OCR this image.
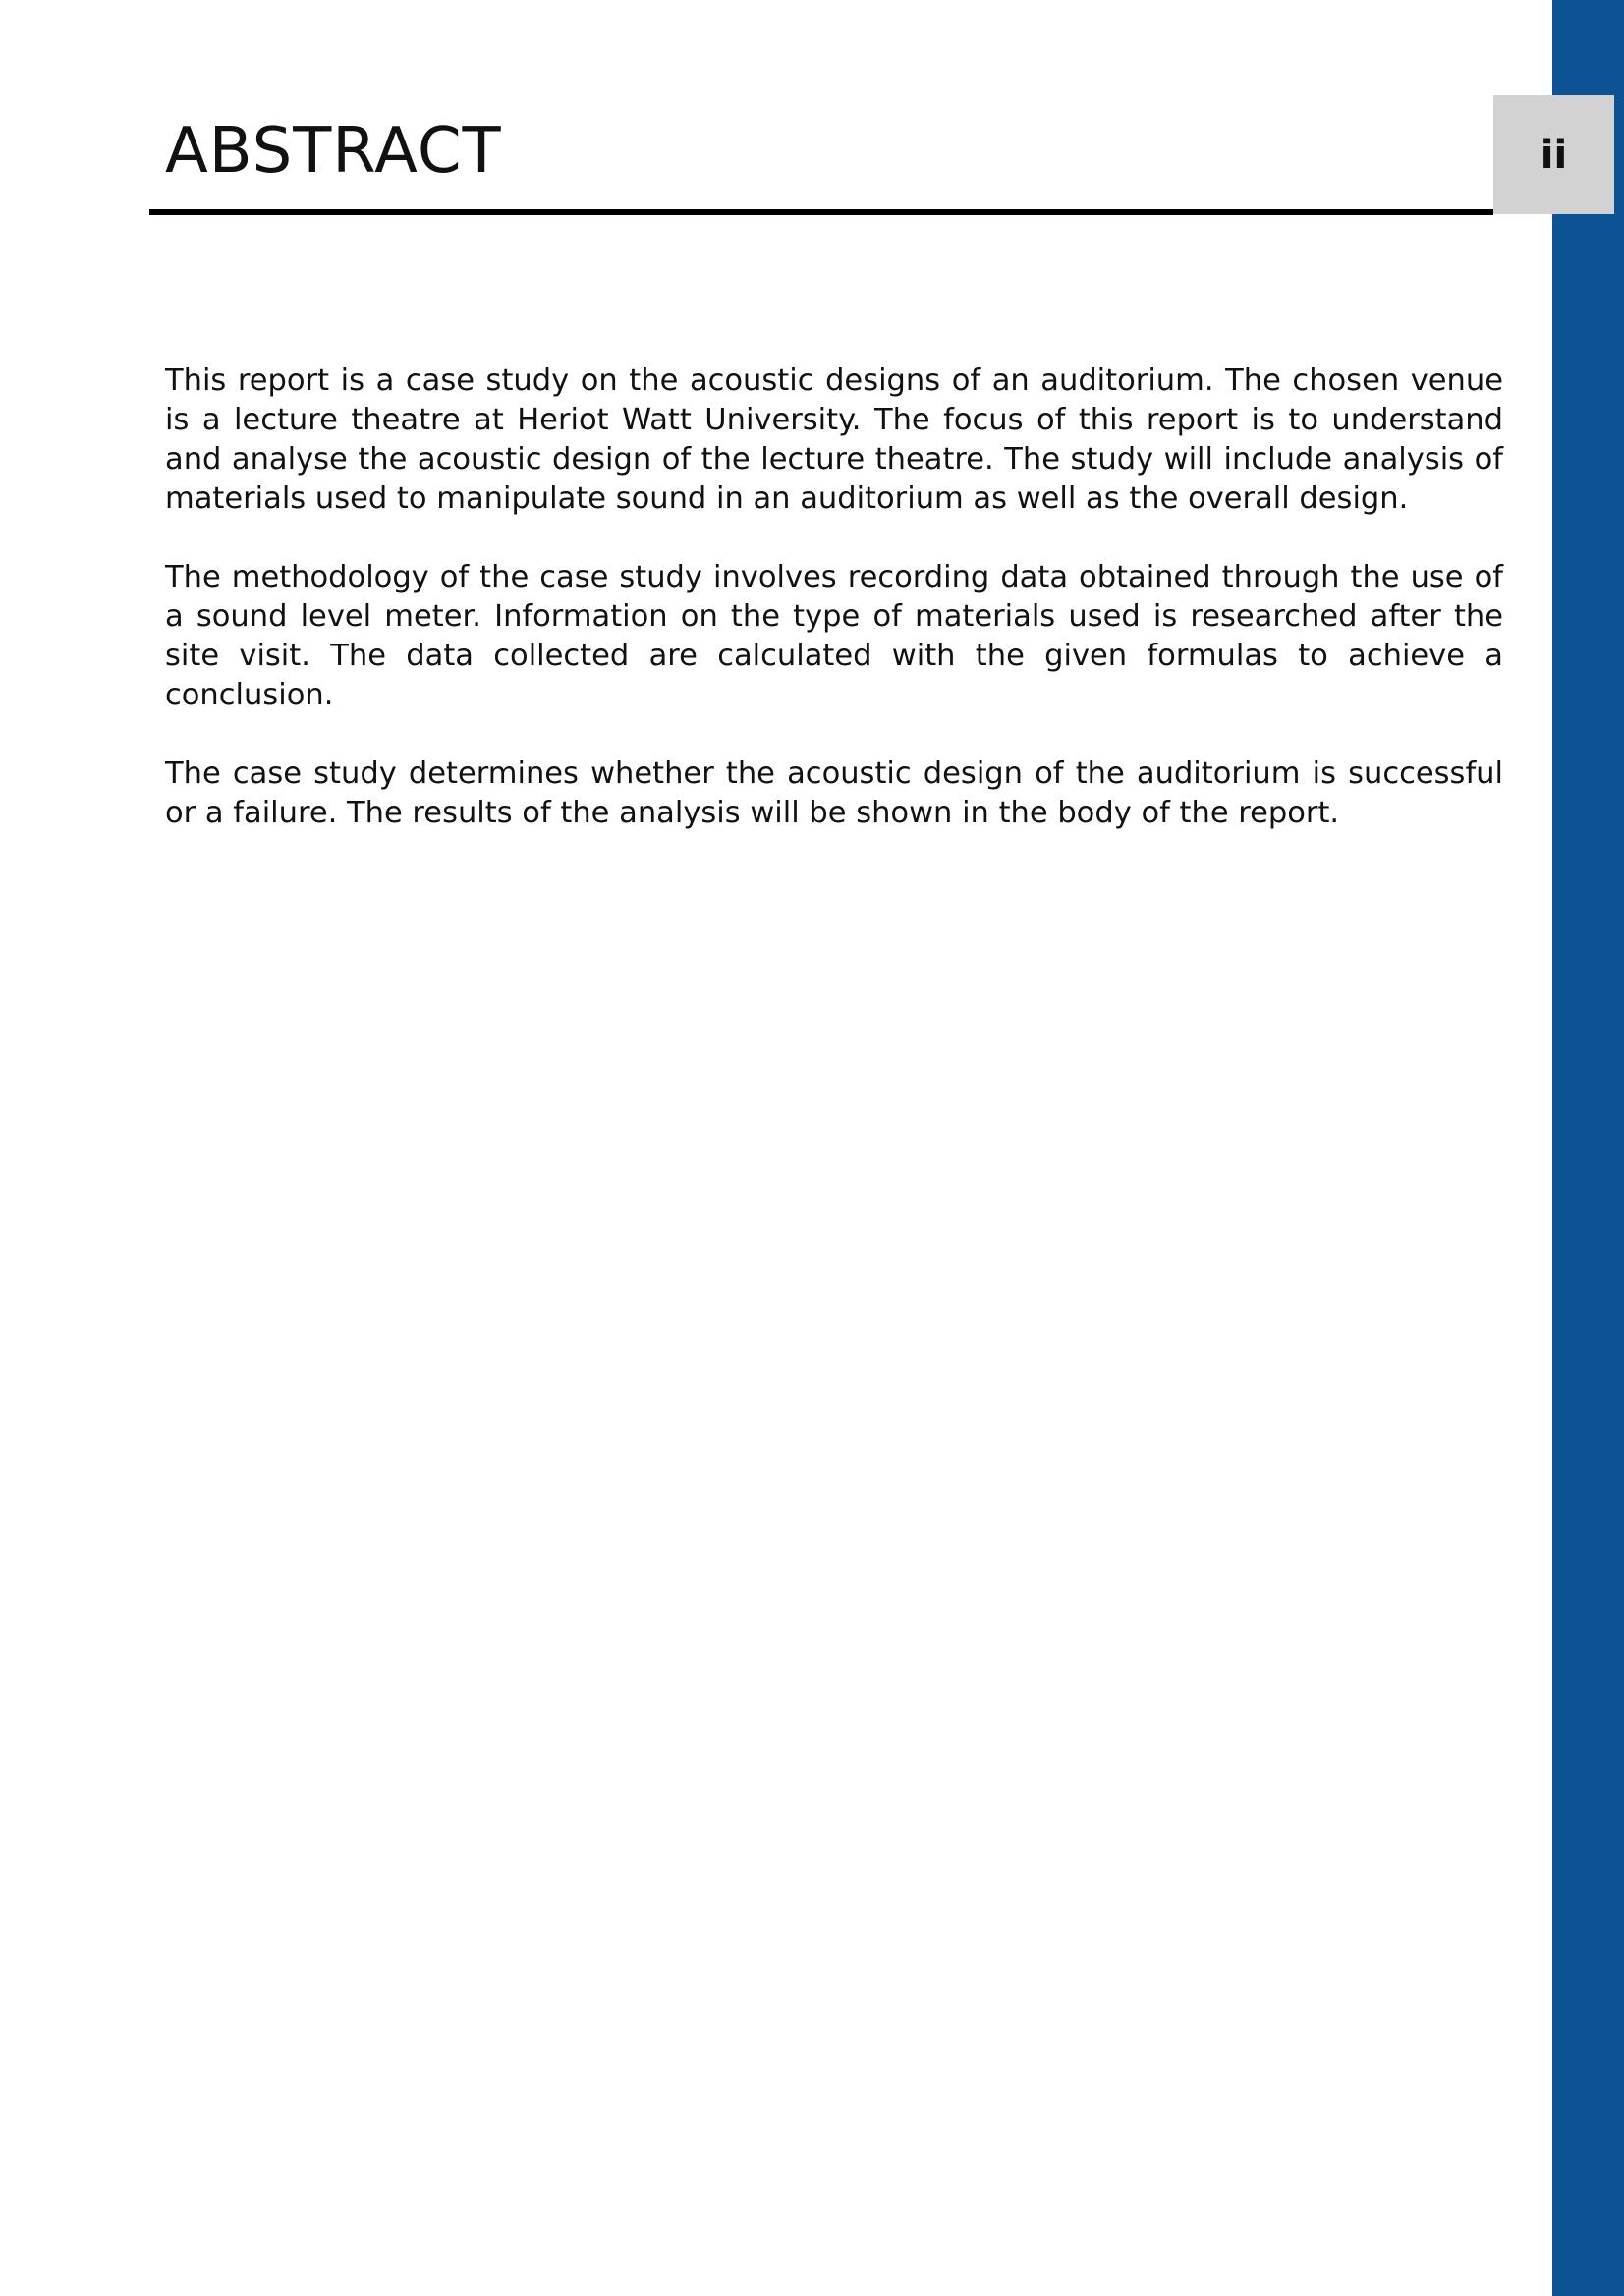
ii
ABSTRACT

This report is a case study on the acoustic designs of an auditorium. The chosen venue is a lecture theatre at Heriot Watt University. The focus of this report is to understand and analyse the acoustic design of the lecture theatre. The study will include analysis of materials used to manipulate sound in an auditorium as well as the overall design.

The methodology of the case study involves recording data obtained through the use of a sound level meter. Information on the type of materials used is researched after the site visit. The data collected are calculated with the given formulas to achieve a conclusion.

The case study determines whether the acoustic design of the auditorium is successful or a failure. The results of the analysis will be shown in the body of the report.
